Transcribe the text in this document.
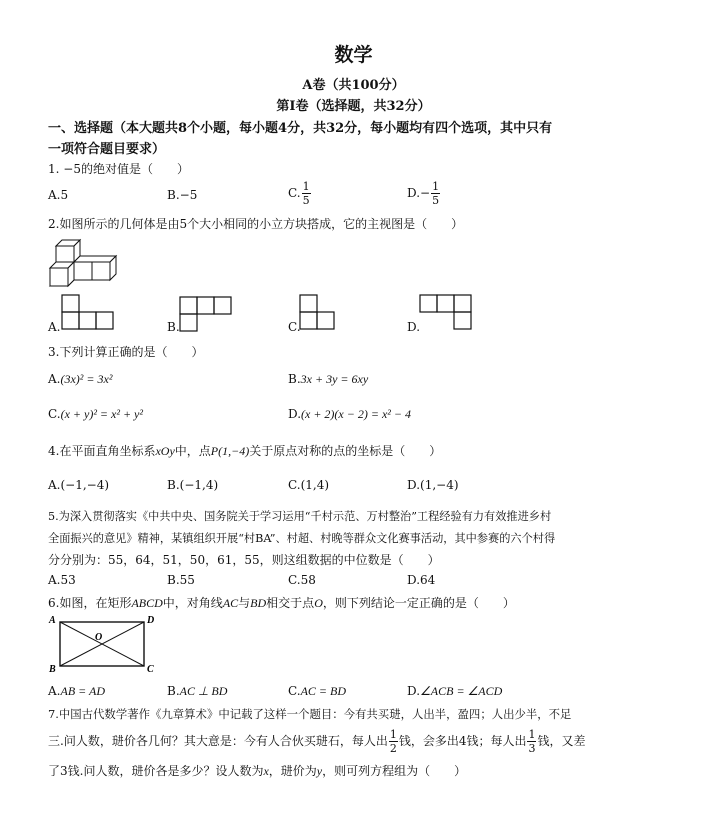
数学
A卷（共100分）
第Ⅰ卷（选择题，共32分）
一、选择题（本大题共8个小题，每小题4分，共32分，每小题均有四个选项，其中只有
一项符合题目要求）
1. −5的绝对值是（　　）
A.5	B.−5	C. $\frac{1}{5}$	$D.- \frac{1}{5}$
2.如图所示的几何体是由5个大小相同的小立方块搭成，它的主视图是（　　）
A.	B.	C.	D.
3.下列计算正确的是（　　）
A.(3x)² = 3x²	B.3x + 3y = 6xy
C.(x + y)² = x² + y²	D.(x + 2)(x − 2) = x² − 4
4.在平面直角坐标系xOy中，点P(1,−4)关于原点对称的点的坐标是（　　）
A.(−1,−4)	B.(−1,4)	C.(1,4)	D.(1,−4)
5.为深入贯彻落实《中共中央、国务院关于学习运用“千村示范、万村整治”工程经验有力有效推进乡村
全面振兴的意见》精神，某镇组织开展“村BA”、村超、村晚等群众文化赛事活动，其中参赛的六个村得
分分别为：55，64，51，50，61，55，则这组数据的中位数是（　　）
A.53	B.55	C.58	D.64
6.如图，在矩形ABCD中，对角线AC与BD相交于点O，则下列结论一定正确的是（　　）
A	D
B	C
O
A.AB = AD	B.AC ⊥ BD	C.AC = BD	D.∠ACB = ∠ACD
7.中国古代数学著作《九章算术》中记载了这样一个题目：今有共买琎，人出半，盈四；人出少半，不足
三.问人数，琎价各几何？其大意是：今有人合伙买琎石，每人出 $\frac{1}{2}$ 钱，会多出4钱；每人出 $\frac{1}{3}$ 钱，又差
了3钱.问人数，琎价各是多少？设人数为x，琎价为y，则可列方程组为（　　）
